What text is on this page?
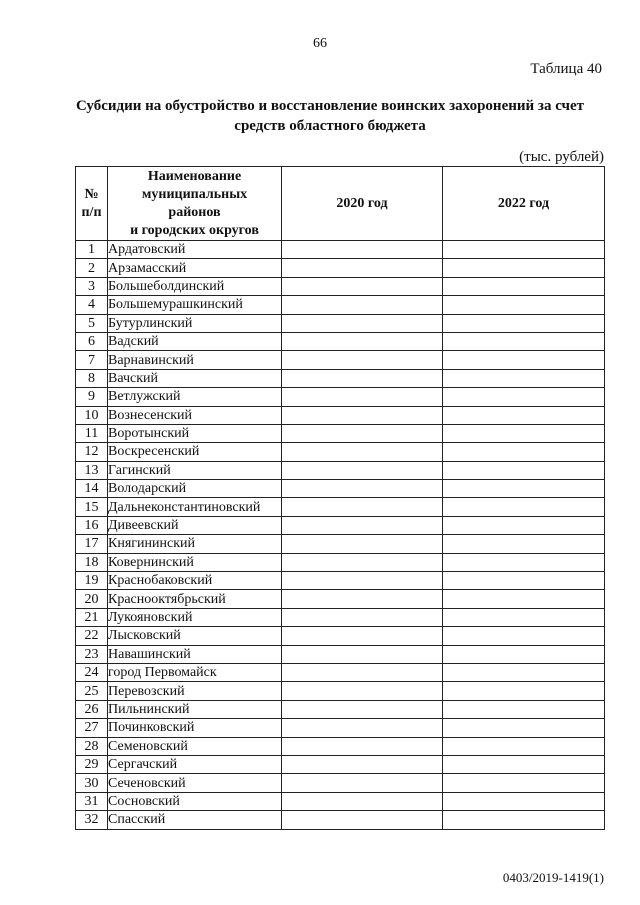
66
Таблица 40
Субсидии на обустройство и восстановление воинских захоронений за счет средств областного бюджета
(тыс. рублей)
№
п/п	Наименование
муниципальных
районов
и городских округов	2020 год	2022 год
1	Ардатовский		
2	Арзамасский		
3	Большеболдинский		
4	Большемурашкинский		
5	Бутурлинский		
6	Вадский		
7	Варнавинский		
8	Вачский		
9	Ветлужский		
10	Вознесенский		
11	Воротынский		
12	Воскресенский		
13	Гагинский		
14	Володарский		
15	Дальнеконстантиновский		
16	Дивеевский		
17	Княгининский		
18	Ковернинский		
19	Краснобаковский		
20	Краснооктябрьский		
21	Лукояновский		
22	Лысковский		
23	Навашинский		
24	город Первомайск		
25	Перевозский		
26	Пильнинский		
27	Починковский		
28	Семеновский		
29	Сергачский		
30	Сеченовский		
31	Сосновский		
32	Спасский		
0403/2019-1419(1)
